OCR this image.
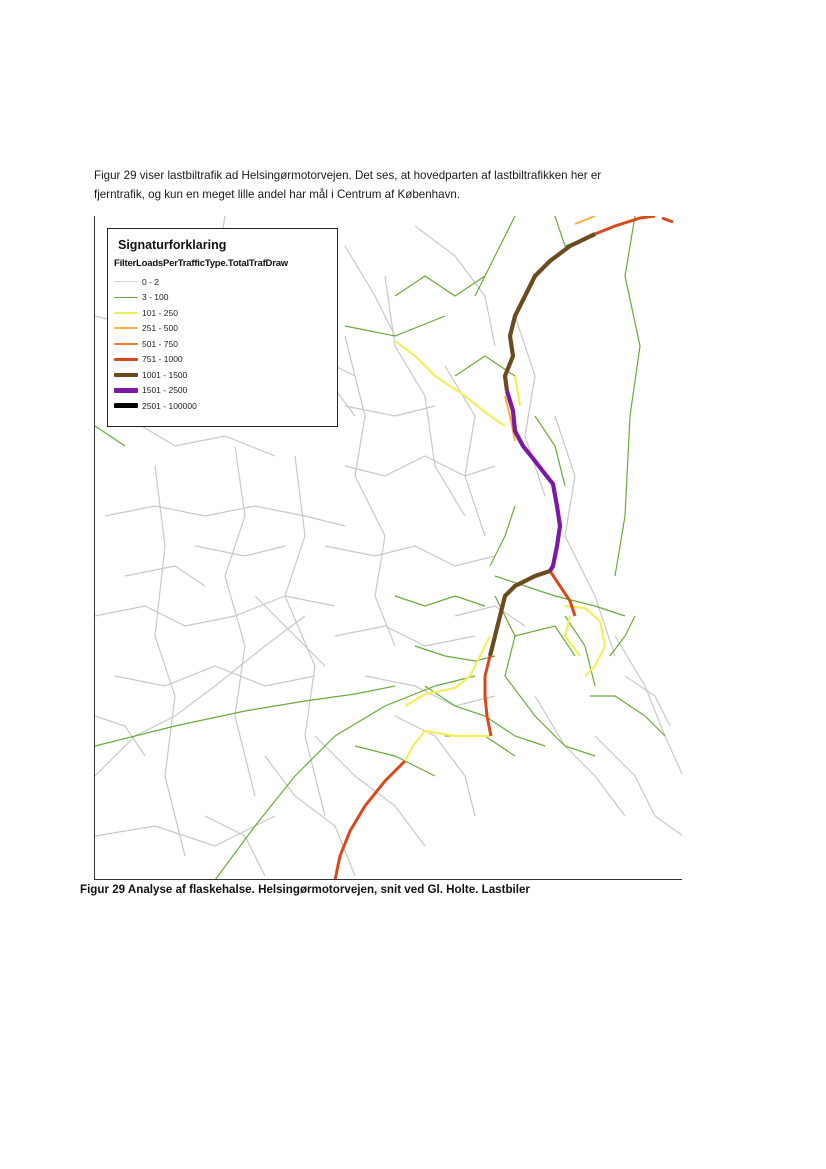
Figur 29 viser lastbiltrafik ad Helsingørmotorvejen. Det ses, at hovedparten af lastbiltrafikken her er

fjerntrafik, og kun en meget lille andel har mål i Centrum af København.

Signaturforklaring
FilterLoadsPerTrafficType.TotalTrafDraw
0 - 2
3 - 100
101 - 250
251 - 500
501 - 750
751 - 1000
1001 - 1500
1501 - 2500
2501 - 100000
Figur 29 Analyse af flaskehalse. Helsingørmotorvejen, snit ved Gl. Holte. Lastbiler
